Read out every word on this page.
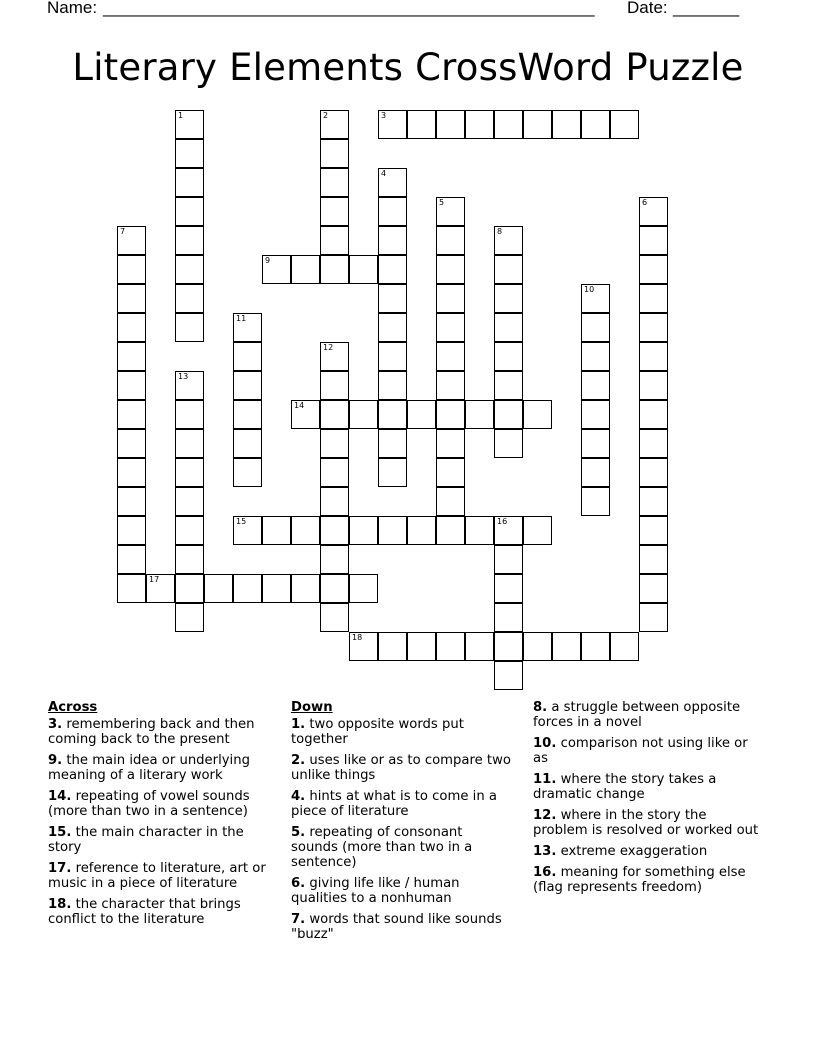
Name: ____________________________________________________ Date: _______
Literary Elements CrossWord Puzzle
1	2	3
4
5	6
7	8
9
10
11
12
13
14
15	16
17
18
Across
3. remembering back and then coming back to the present
9. the main idea or underlying meaning of a literary work
14. repeating of vowel sounds (more than two in a sentence)
15. the main character in the story
17. reference to literature, art or music in a piece of literature
18. the character that brings conflict to the literature
Down
1. two opposite words put together
2. uses like or as to compare two unlike things
4. hints at what is to come in a piece of literature
5. repeating of consonant sounds (more than two in a sentence)
6. giving life like / human qualities to a nonhuman
7. words that sound like sounds "buzz"
8. a struggle between opposite forces in a novel
10. comparison not using like or as
11. where the story takes a dramatic change
12. where in the story the problem is resolved or worked out
13. extreme exaggeration
16. meaning for something else (flag represents freedom)
